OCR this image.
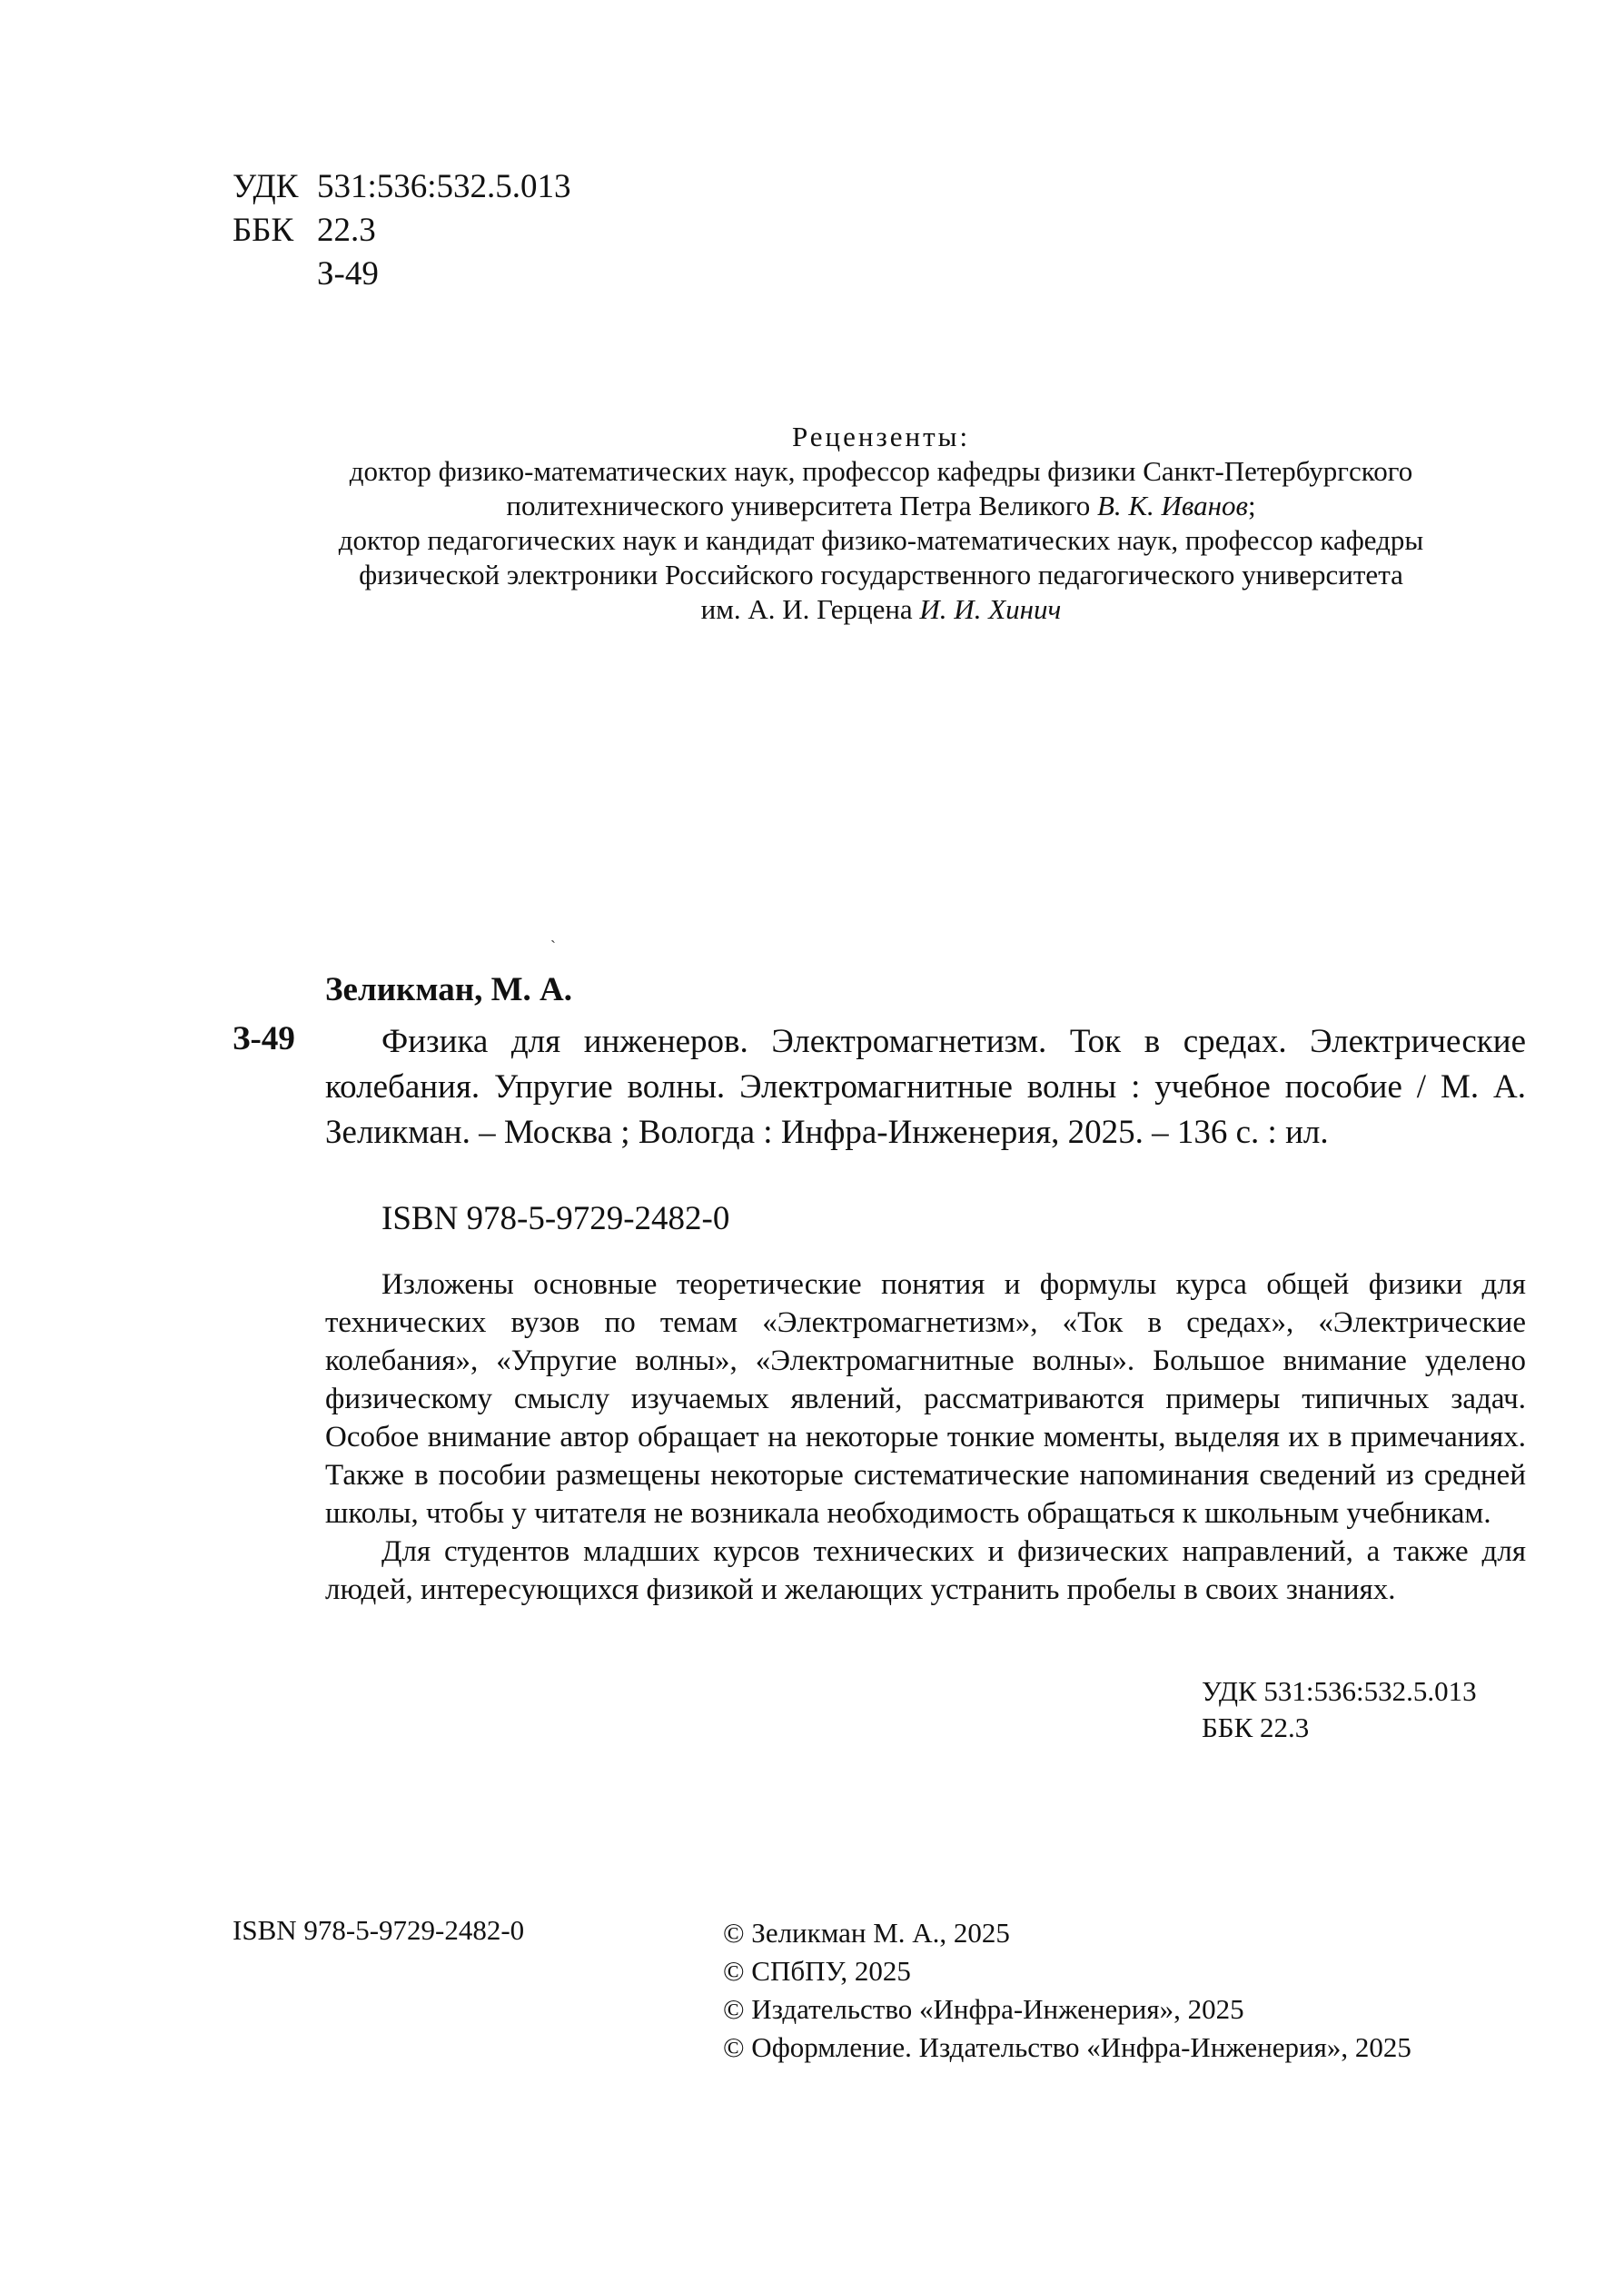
УДК 531:536:532.5.013
ББК 22.3
З-49
Рецензенты:
доктор физико-математических наук, профессор кафедры физики Санкт-Петербургского
политехнического университета Петра Великого В. К. Иванов;
доктор педагогических наук и кандидат физико-математических наук, профессор кафедры
физической электроники Российского государственного педагогического университета
им. А. И. Герцена И. И. Хинич
ˎ
Зеликман, М. А.
З-49	Физика для инженеров. Электромагнетизм. Ток в средах. Электрические колебания. Упругие волны. Электромагнитные волны : учебное пособие / М. А. Зеликман. – Москва ; Вологда : Инфра-Инженерия, 2025. – 136 с. : ил.

ISBN 978-5-9729-2482-0

Изложены основные теоретические понятия и формулы курса общей физики для технических вузов по темам «Электромагнетизм», «Ток в средах», «Электрические колебания», «Упругие волны», «Электромагнитные волны». Большое внимание уделено физическому смыслу изучаемых явлений, рассматриваются примеры типичных задач. Особое внимание автор обращает на некоторые тонкие моменты, выделяя их в примечаниях. Также в пособии размещены некоторые систематические напоминания сведений из средней школы, чтобы у читателя не возникала необходимость обращаться к школьным учебникам.

Для студентов младших курсов технических и физических направлений, а также для людей, интересующихся физикой и желающих устранить пробелы в своих знаниях.

УДК 531:536:532.5.013
ББК 22.3
ISBN 978-5-9729-2482-0	© Зеликман М. А., 2025
© СПбПУ, 2025
© Издательство «Инфра-Инженерия», 2025
© Оформление. Издательство «Инфра-Инженерия», 2025
